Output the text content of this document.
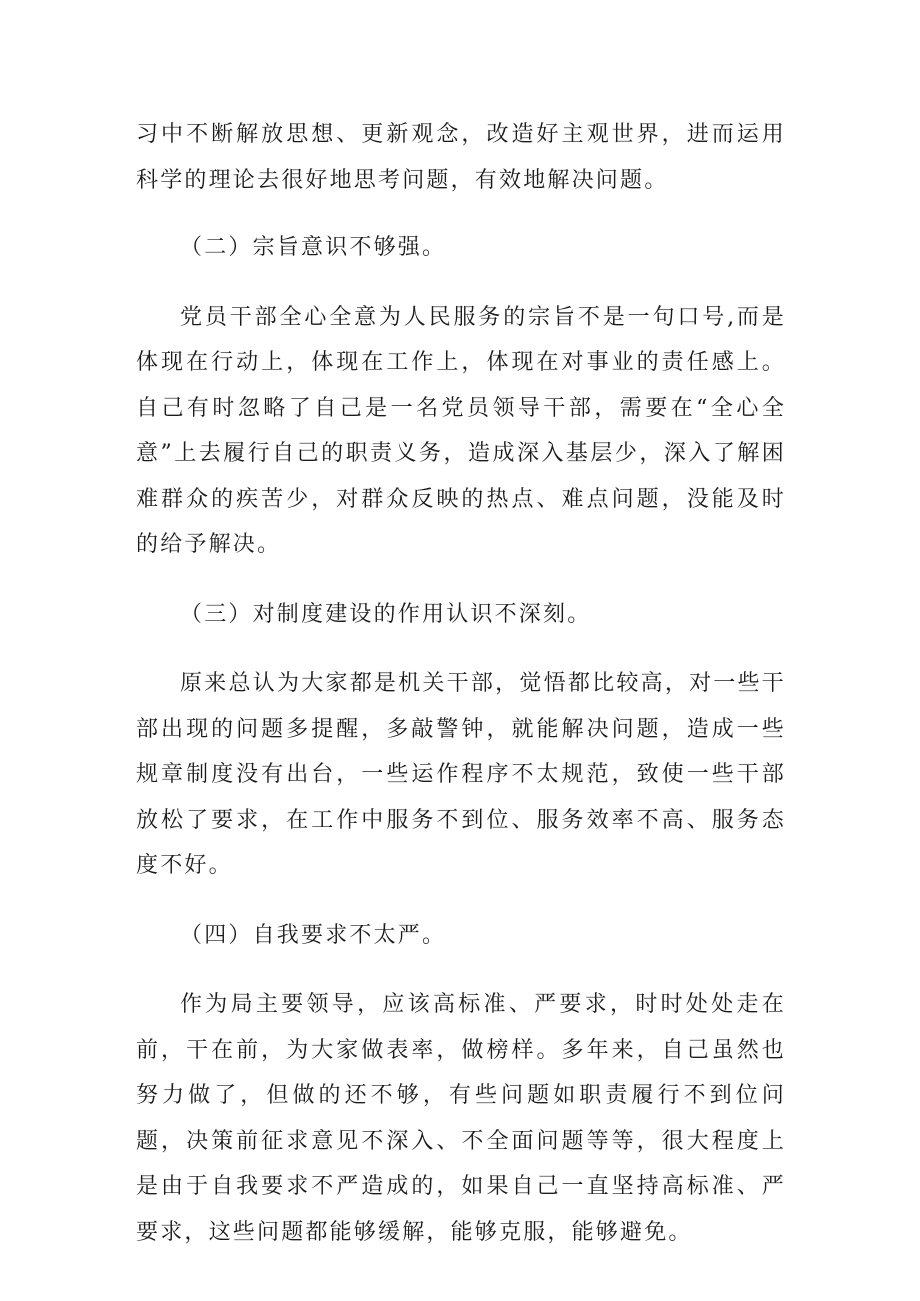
习中不断解放思想、更新观念，改造好主观世界，进而运用科学的理论去很好地思考问题，有效地解决问题。

（二）宗旨意识不够强。

党员干部全心全意为人民服务的宗旨不是一句口号,而是体现在行动上，体现在工作上，体现在对事业的责任感上。自己有时忽略了自己是一名党员领导干部，需要在“全心全意”上去履行自己的职责义务，造成深入基层少，深入了解困难群众的疾苦少，对群众反映的热点、难点问题，没能及时的给予解决。

（三）对制度建设的作用认识不深刻。

原来总认为大家都是机关干部，觉悟都比较高，对一些干部出现的问题多提醒，多敲警钟，就能解决问题，造成一些规章制度没有出台，一些运作程序不太规范，致使一些干部放松了要求，在工作中服务不到位、服务效率不高、服务态度不好。

（四）自我要求不太严。

作为局主要领导，应该高标准、严要求，时时处处走在前，干在前，为大家做表率，做榜样。多年来，自己虽然也努力做了，但做的还不够，有些问题如职责履行不到位问题，决策前征求意见不深入、不全面问题等等，很大程度上是由于自我要求不严造成的，如果自己一直坚持高标准、严要求，这些问题都能够缓解，能够克服，能够避免。
